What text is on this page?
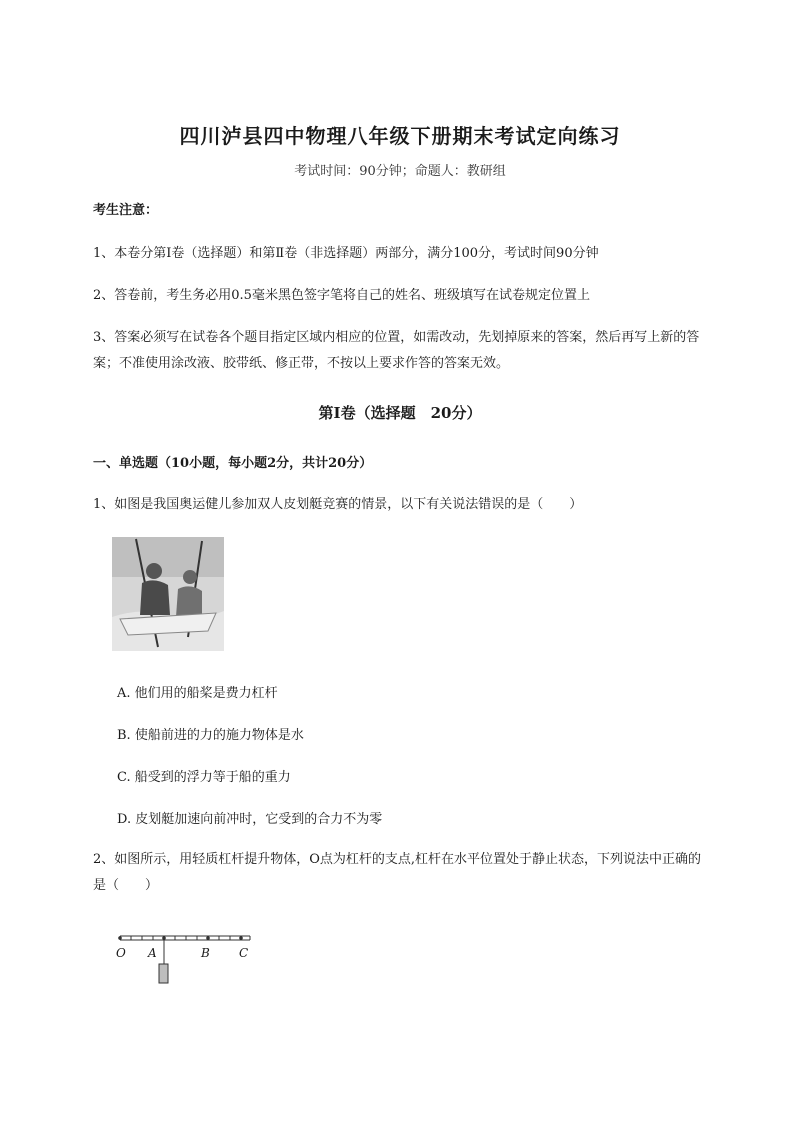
四川泸县四中物理八年级下册期末考试定向练习
考试时间：90分钟；命题人：教研组
考生注意：
1、本卷分第Ⅰ卷（选择题）和第Ⅱ卷（非选择题）两部分，满分100分，考试时间90分钟
2、答卷前，考生务必用0.5毫米黑色签字笔将自己的姓名、班级填写在试卷规定位置上
3、答案必须写在试卷各个题目指定区域内相应的位置，如需改动，先划掉原来的答案，然后再写上新的答案；不准使用涂改液、胶带纸、修正带，不按以上要求作答的答案无效。
第Ⅰ卷（选择题　20分）
一、单选题（10小题，每小题2分，共计20分）
1、如图是我国奥运健儿参加双人皮划艇竞赛的情景，以下有关说法错误的是（　　）
A. 他们用的船桨是费力杠杆
B. 使船前进的力的施力物体是水
C. 船受到的浮力等于船的重力
D. 皮划艇加速向前冲时，它受到的合力不为零
2、如图所示，用轻质杠杆提升物体，O点为杠杆的支点,杠杆在水平位置处于静止状态，下列说法中正确的是（　　）
O A	B C
